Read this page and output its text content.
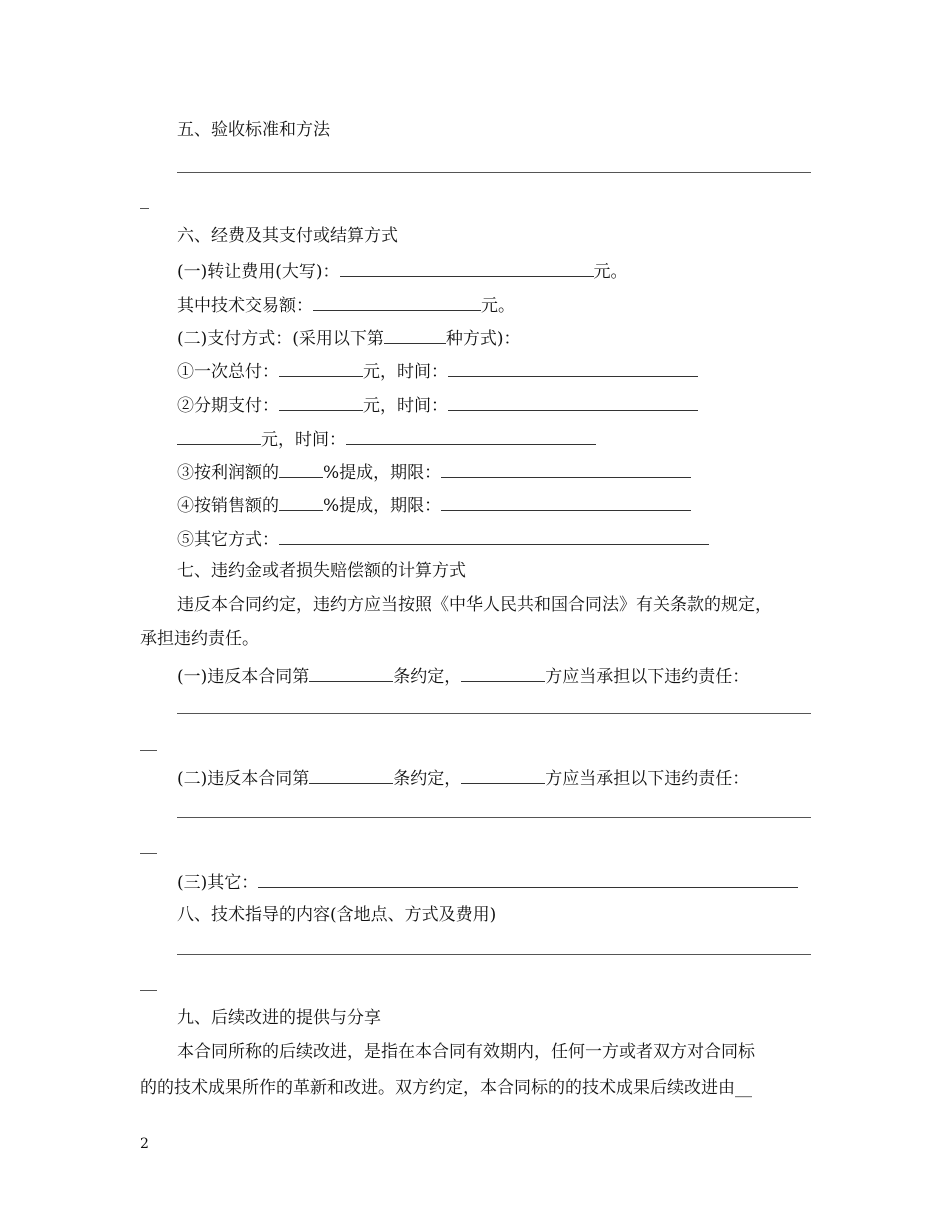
五、验收标准和方法
六、经费及其支付或结算方式
(一)转让费用(大写)：	元。
其中技术交易额：	元。
(二)支付方式：(采用以下第	种方式)：
①一次总付：	元，时间：
②分期支付：	元，时间：
元，时间：
③按利润额的	%提成，期限：
④按销售额的	%提成，期限：
⑤其它方式：
七、违约金或者损失赔偿额的计算方式
违反本合同约定，违约方应当按照《中华人民共和国合同法》有关条款的规定，
承担违约责任。
(一)违反本合同第	条约定，	方应当承担以下违约责任：
(二)违反本合同第	条约定，	方应当承担以下违约责任：
(三)其它：
八、技术指导的内容(含地点、方式及费用)
九、后续改进的提供与分享
本合同所称的后续改进，是指在本合同有效期内，任何一方或者双方对合同标
的的技术成果所作的革新和改进。双方约定，本合同标的的技术成果后续改进由__
2
